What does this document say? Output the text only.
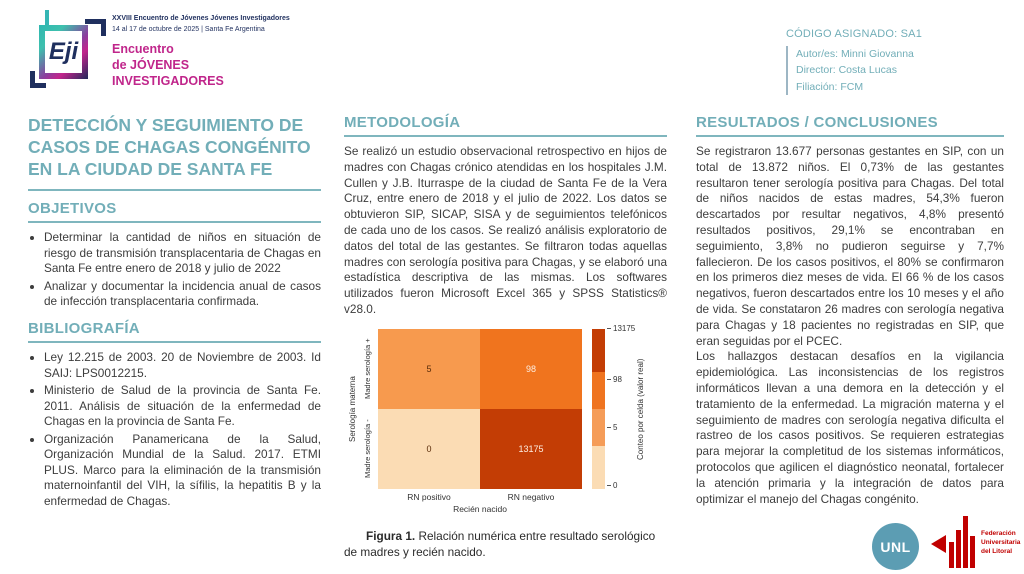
Eji
XXVIII Encuentro de Jóvenes Jóvenes Investigadores
14 al 17 de octubre de 2025 | Santa Fe Argentina
Encuentro
de JÓVENES
INVESTIGADORES
CÓDIGO ASIGNADO: SA1
Autor/es: Minni Giovanna
Director: Costa Lucas
Filiación: FCM
DETECCIÓN Y SEGUIMIENTO DE CASOS DE CHAGAS CONGÉNITO EN LA CIUDAD DE SANTA FE
OBJETIVOS
• Determinar la cantidad de niños en situación de riesgo de transmisión transplacentaria de Chagas en Santa Fe entre enero de 2018 y julio de 2022
• Analizar y documentar la incidencia anual de casos de infección transplacentaria confirmada.
BIBLIOGRAFÍA
• Ley 12.215 de 2003. 20 de Noviembre de 2003. Id SAIJ: LPS0012215.
• Ministerio de Salud de la provincia de Santa Fe. 2011. Análisis de situación de la enfermedad de Chagas en la provincia de Santa Fe.
• Organización Panamericana de la Salud, Organización Mundial de la Salud. 2017. ETMI PLUS. Marco para la eliminación de la transmisión maternoinfantil del VIH, la sífilis, la hepatitis B y la enfermedad de Chagas.
METODOLOGÍA
Se realizó un estudio observacional retrospectivo en hijos de madres con Chagas crónico atendidas en los hospitales J.M. Cullen y J.B. Iturraspe de la ciudad de Santa Fe de la Vera Cruz, entre enero de 2018 y el julio de 2022. Los datos se obtuvieron SIP, SICAP, SISA y de seguimientos telefónicos de cada uno de los casos. Se realizó análisis exploratorio de datos del total de las gestantes. Se filtraron todas aquellas madres con serología positiva para Chagas, y se elaboró una estadística descriptiva de las mismas. Los softwares utilizados fueron Microsoft Excel 365 y SPSS Statistics® v28.0.
Serología materna
Madre serología +
Madre serología -
5	98
0	13175
RN positivo	RN negativo
Recién nacido
13175
98
5
0
Conteo por celda (valor real)
Figura 1. Relación numérica entre resultado serológico de madres y recién nacido.
RESULTADOS / CONCLUSIONES
Se registraron 13.677 personas gestantes en SIP, con un total de 13.872 niños. El 0,73% de las gestantes resultaron tener serología positiva para Chagas. Del total de niños nacidos de estas madres, 54,3% fueron descartados por resultar negativos, 4,8% presentó resultados positivos, 29,1% se encontraban en seguimiento, 3,8% no pudieron seguirse y 7,7% fallecieron. De los casos positivos, el 80% se confirmaron en los primeros diez meses de vida. El 66 % de los casos negativos, fueron descartados entre los 10 meses y el año de vida. Se constataron 26 madres con serología negativa para Chagas y 18 pacientes no registradas en SIP, que eran seguidas por el PCEC.
Los hallazgos destacan desafíos en la vigilancia epidemiológica. Las inconsistencias de los registros informáticos llevan a una demora en la detección y el tratamiento de la enfermedad. La migración materna y el seguimiento de madres con serología negativa dificulta el rastreo de los casos positivos. Se requieren estrategias para mejorar la completitud de los sistemas informáticos, protocolos que agilicen el diagnóstico neonatal, fortalecer la atención primaria y la integración de datos para optimizar el manejo del Chagas congénito.
UNL
Federación
Universitaria
del Litoral
